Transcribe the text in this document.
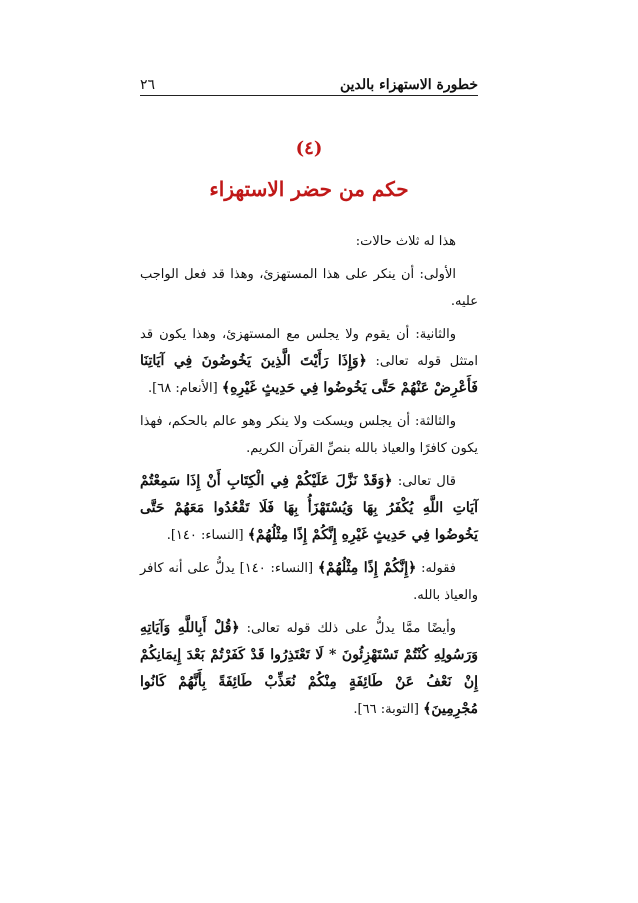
٢٦	خطورة الاستهزاء بالدين
(٤)
حكم من حضر الاستهزاء

هذا له ثلاث حالات:

الأولى: أن ينكر على هذا المستهزئ، وهذا قد فعل الواجب عليه.

والثانية: أن يقوم ولا يجلس مع المستهزئ، وهذا يكون قد امتثل قوله تعالى: ﴿وَإِذَا رَأَيْتَ الَّذِينَ يَخُوضُونَ فِي آيَاتِنَا فَأَعْرِضْ عَنْهُمْ حَتَّى يَخُوضُوا فِي حَدِيثٍ غَيْرِهِ﴾ [الأنعام: ٦٨].

والثالثة: أن يجلس ويسكت ولا ينكر وهو عالم بالحكم، فهذا يكون كافرًا والعياذ بالله بنصِّ القرآن الكريم.

قال تعالى: ﴿وَقَدْ نَزَّلَ عَلَيْكُمْ فِي الْكِتَابِ أَنْ إِذَا سَمِعْتُمْ آيَاتِ اللَّهِ يُكْفَرُ بِهَا وَيُسْتَهْزَأُ بِهَا فَلَا تَقْعُدُوا مَعَهُمْ حَتَّى يَخُوضُوا فِي حَدِيثٍ غَيْرِهِ إِنَّكُمْ إِذًا مِثْلُهُمْ﴾ [النساء: ١٤٠].

فقوله: ﴿إِنَّكُمْ إِذًا مِثْلُهُمْ﴾ [النساء: ١٤٠] يدلُّ على أنه كافر والعياذ بالله.

وأيضًا ممَّا يدلُّ على ذلك قوله تعالى: ﴿قُلْ أَبِاللَّهِ وَآيَاتِهِ وَرَسُولِهِ كُنْتُمْ تَسْتَهْزِئُونَ * لَا تَعْتَذِرُوا قَدْ كَفَرْتُمْ بَعْدَ إِيمَانِكُمْ إِنْ نَعْفُ عَنْ طَائِفَةٍ مِنْكُمْ نُعَذِّبْ طَائِفَةً بِأَنَّهُمْ كَانُوا مُجْرِمِينَ﴾ [التوبة: ٦٦].
